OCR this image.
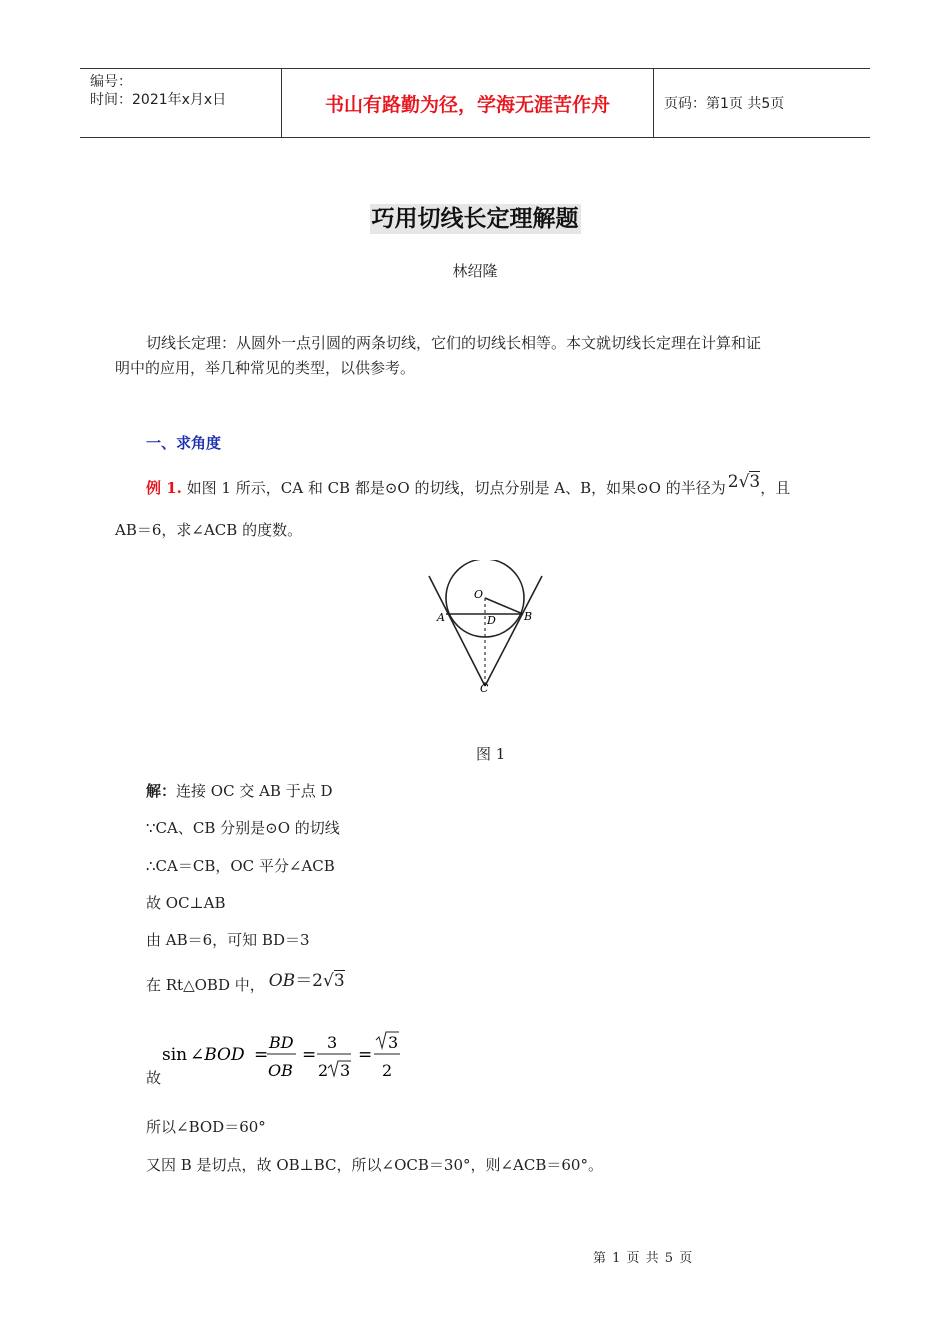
编号：
时间：2021年x月x日	书山有路勤为径，学海无涯苦作舟	页码：第1页 共5页
巧用切线长定理解题
林绍隆
切线长定理：从圆外一点引圆的两条切线，它们的切线长相等。本文就切线长定理在计算和证
明中的应用，举几种常见的类型，以供参考。
一、求角度
例 1. 如图 1 所示，CA 和 CB 都是⊙O 的切线，切点分别是 A、B，如果⊙O 的半径为 2√3，且
AB＝6，求∠ACB 的度数。
O
A	B
D
C
图 1
解：连接 OC 交 AB 于点 D
∵CA、CB 分别是⊙O 的切线
∴CA＝CB，OC 平分∠ACB
故 OC⊥AB
由 AB＝6，可知 BD＝3
在 Rt△OBD 中， OB＝2√3
sin ∠BOD =
BD
OB
=
3
2 3
=
3
2
故
所以∠BOD＝60°
又因 B 是切点，故 OB⊥BC，所以∠OCB＝30°，则∠ACB＝60°。
第 1 页 共 5 页
